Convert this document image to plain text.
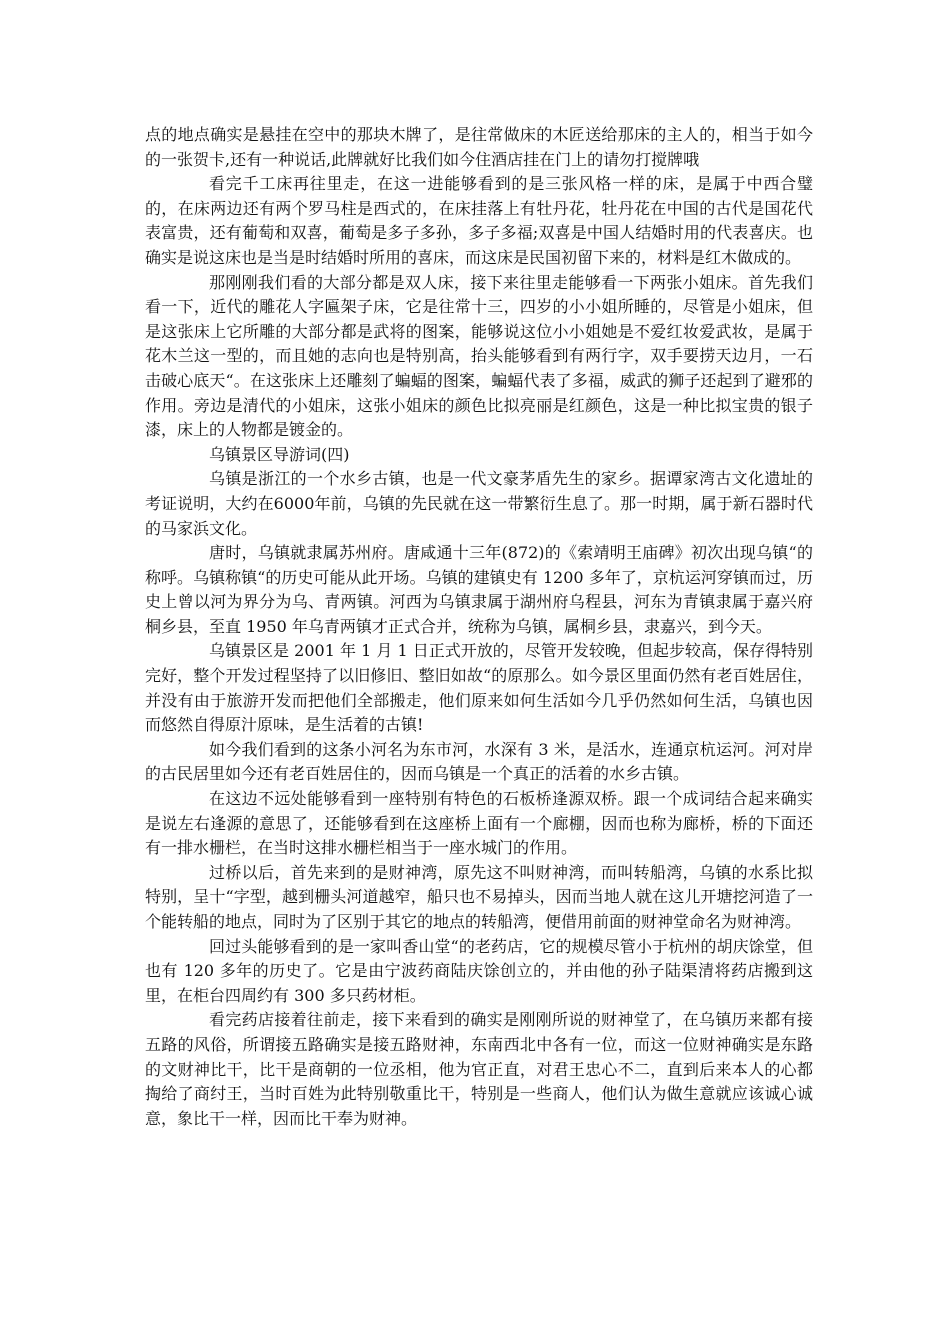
点的地点确实是悬挂在空中的那块木牌了，是往常做床的木匠送给那床的主人的，相当于如今的一张贺卡,还有一种说话,此牌就好比我们如今住酒店挂在门上的请勿打搅牌哦

看完千工床再往里走，在这一进能够看到的是三张风格一样的床，是属于中西合璧的，在床两边还有两个罗马柱是西式的，在床挂落上有牡丹花，牡丹花在中国的古代是国花代表富贵，还有葡萄和双喜，葡萄是多子多孙，多子多福;双喜是中国人结婚时用的代表喜庆。也确实是说这床也是当是时结婚时所用的喜床，而这床是民国初留下来的，材料是红木做成的。

那刚刚我们看的大部分都是双人床，接下来往里走能够看一下两张小姐床。首先我们看一下，近代的雕花人字匾架子床，它是往常十三，四岁的小小姐所睡的，尽管是小姐床，但是这张床上它所雕的大部分都是武将的图案，能够说这位小小姐她是不爱红妆爱武妆，是属于花木兰这一型的，而且她的志向也是特别高，抬头能够看到有两行字，双手要捞天边月，一石击破心底天“。在这张床上还雕刻了蝙蝠的图案，蝙蝠代表了多福，威武的狮子还起到了避邪的作用。旁边是清代的小姐床，这张小姐床的颜色比拟亮丽是红颜色，这是一种比拟宝贵的银子漆，床上的人物都是镀金的。

乌镇景区导游词(四)

乌镇是浙江的一个水乡古镇，也是一代文豪茅盾先生的家乡。据谭家湾古文化遗址的考证说明，大约在6000年前，乌镇的先民就在这一带繁衍生息了。那一时期，属于新石器时代的马家浜文化。

唐时，乌镇就隶属苏州府。唐咸通十三年(872)的《索靖明王庙碑》初次出现乌镇“的称呼。乌镇称镇“的历史可能从此开场。乌镇的建镇史有 1200 多年了，京杭运河穿镇而过，历史上曾以河为界分为乌、青两镇。河西为乌镇隶属于湖州府乌程县，河东为青镇隶属于嘉兴府桐乡县，至直 1950 年乌青两镇才正式合并，统称为乌镇，属桐乡县，隶嘉兴，到今天。

乌镇景区是 2001 年 1 月 1 日正式开放的，尽管开发较晚，但起步较高，保存得特别完好，整个开发过程坚持了以旧修旧、整旧如故“的原那么。如今景区里面仍然有老百姓居住，并没有由于旅游开发而把他们全部搬走，他们原来如何生活如今几乎仍然如何生活，乌镇也因而悠然自得原汁原味，是生活着的古镇!

如今我们看到的这条小河名为东市河，水深有 3 米，是活水，连通京杭运河。河对岸的古民居里如今还有老百姓居住的，因而乌镇是一个真正的活着的水乡古镇。

在这边不远处能够看到一座特别有特色的石板桥逢源双桥。跟一个成词结合起来确实是说左右逢源的意思了，还能够看到在这座桥上面有一个廊棚，因而也称为廊桥，桥的下面还有一排水栅栏，在当时这排水栅栏相当于一座水城门的作用。

过桥以后，首先来到的是财神湾，原先这不叫财神湾，而叫转船湾，乌镇的水系比拟特别，呈十“字型，越到栅头河道越窄，船只也不易掉头，因而当地人就在这儿开塘挖河造了一个能转船的地点，同时为了区别于其它的地点的转船湾，便借用前面的财神堂命名为财神湾。

回过头能够看到的是一家叫香山堂“的老药店，它的规模尽管小于杭州的胡庆馀堂，但也有 120 多年的历史了。它是由宁波药商陆庆馀创立的，并由他的孙子陆渠清将药店搬到这里，在柜台四周约有 300 多只药材柜。

看完药店接着往前走，接下来看到的确实是刚刚所说的财神堂了，在乌镇历来都有接五路的风俗，所谓接五路确实是接五路财神，东南西北中各有一位，而这一位财神确实是东路的文财神比干，比干是商朝的一位丞相，他为官正直，对君王忠心不二，直到后来本人的心都掏给了商纣王，当时百姓为此特别敬重比干，特别是一些商人，他们认为做生意就应该诚心诚意，象比干一样，因而比干奉为财神。
